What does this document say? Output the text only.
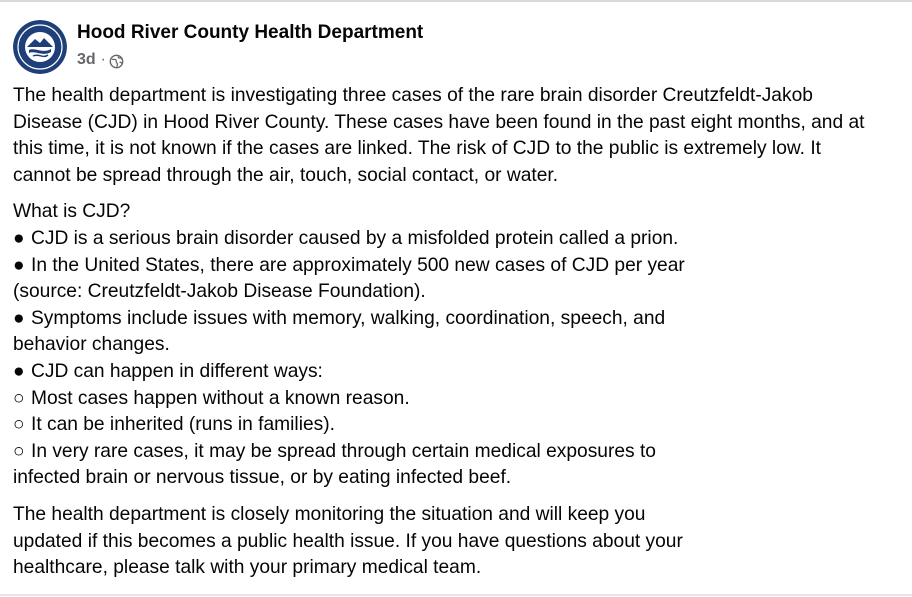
Hood River County Health Department
3d ·
The health department is investigating three cases of the rare brain disorder Creutzfeldt-Jakob
Disease (CJD) in Hood River County. These cases have been found in the past eight months, and at
this time, it is not known if the cases are linked. The risk of CJD to the public is extremely low. It
cannot be spread through the air, touch, social contact, or water.
What is CJD?
● CJD is a serious brain disorder caused by a misfolded protein called a prion.
● In the United States, there are approximately 500 new cases of CJD per year
(source: Creutzfeldt-Jakob Disease Foundation).
● Symptoms include issues with memory, walking, coordination, speech, and
behavior changes.
● CJD can happen in different ways:
○ Most cases happen without a known reason.
○ It can be inherited (runs in families).
○ In very rare cases, it may be spread through certain medical exposures to
infected brain or nervous tissue, or by eating infected beef.
The health department is closely monitoring the situation and will keep you
updated if this becomes a public health issue. If you have questions about your
healthcare, please talk with your primary medical team.
